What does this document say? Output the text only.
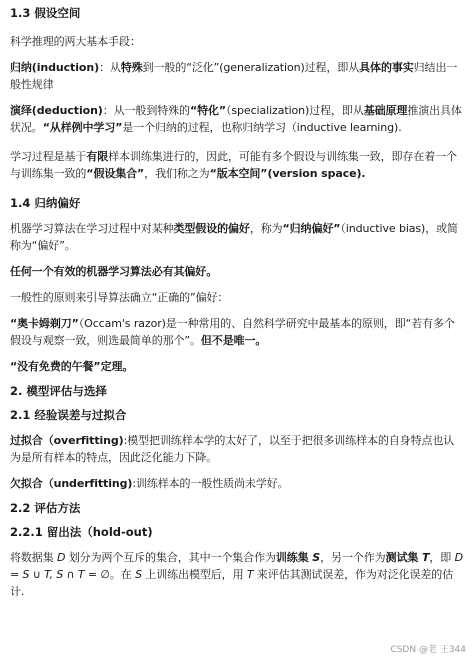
1.3 假设空间

科学推理的两大基本手段：

归纳(induction)：从特殊到一般的“泛化”(generalization)过程，即从具体的事实归结出一般性规律

演绎(deduction)：从一般到特殊的“特化”（specialization)过程，即从基础原理推演出具体状况。“从样例中学习”是一个归纳的过程，也称归纳学习（inductive learning).

学习过程是基于有限样本训练集进行的，因此，可能有多个假设与训练集一致，即存在着一个与训练集一致的“假设集合”，我们称之为“版本空间”(version space).

1.4 归纳偏好

机器学习算法在学习过程中对某种类型假设的偏好，称为“归纳偏好”（inductive bias)，或简称为“偏好”。

任何一个有效的机器学习算法必有其偏好。

一般性的原则来引导算法确立“正确的”偏好：

“奥卡姆剃刀”（Occam's razor)是一种常用的、自然科学研究中最基本的原则，即“若有多个假设与观察一致，则选最简单的那个”。但不是唯一。

“没有免费的午餐”定理。

2. 模型评估与选择

2.1 经验误差与过拟合

过拟合（overfitting):模型把训练样本学的太好了，以至于把很多训练样本的自身特点也认为是所有样本的特点，因此泛化能力下降。

欠拟合（underfitting):训练样本的一般性质尚未学好。

2.2 评估方法

2.2.1 留出法（hold-out)

将数据集 D 划分为两个互斥的集合，其中一个集合作为训练集 S，另一个作为测试集 T，即 D = S ∪ T, S ∩ T = ∅。在 S 上训练出模型后，用 T 来评估其测试误差，作为对泛化误差的估计.

CSDN @老 王344
